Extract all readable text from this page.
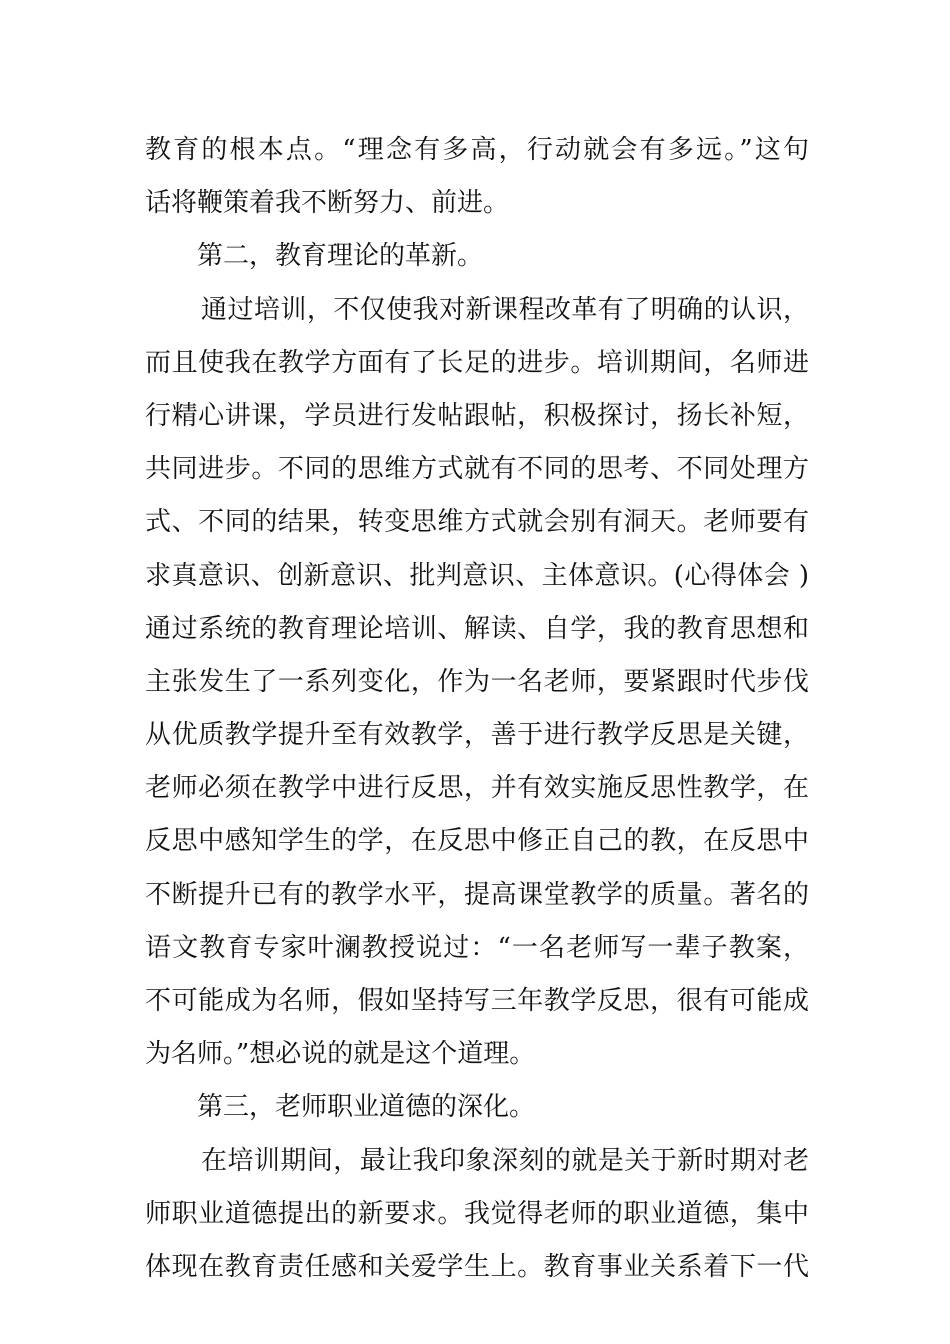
教育的根本点。“理念有多高，行动就会有多远。”这句
话将鞭策着我不断努力、前进。
第二，教育理论的革新。
通过培训，不仅使我对新课程改革有了明确的认识，
而且使我在教学方面有了长足的进步。培训期间，名师进
行精心讲课，学员进行发帖跟帖，积极探讨，扬长补短，
共同进步。不同的思维方式就有不同的思考、不同处理方
式、不同的结果，转变思维方式就会别有洞天。老师要有
求真意识、创新意识、批判意识、主体意识。(心得体会 )
通过系统的教育理论培训、解读、自学，我的教育思想和
主张发生了一系列变化，作为一名老师，要紧跟时代步伐
从优质教学提升至有效教学，善于进行教学反思是关键，
老师必须在教学中进行反思，并有效实施反思性教学，在
反思中感知学生的学，在反思中修正自己的教，在反思中
不断提升已有的教学水平，提高课堂教学的质量。著名的
语文教育专家叶澜教授说过：“一名老师写一辈子教案，
不可能成为名师，假如坚持写三年教学反思，很有可能成
为名师。”想必说的就是这个道理。
第三，老师职业道德的深化。
在培训期间，最让我印象深刻的就是关于新时期对老
师职业道德提出的新要求。我觉得老师的职业道德，集中
体现在教育责任感和关爱学生上。教育事业关系着下一代
